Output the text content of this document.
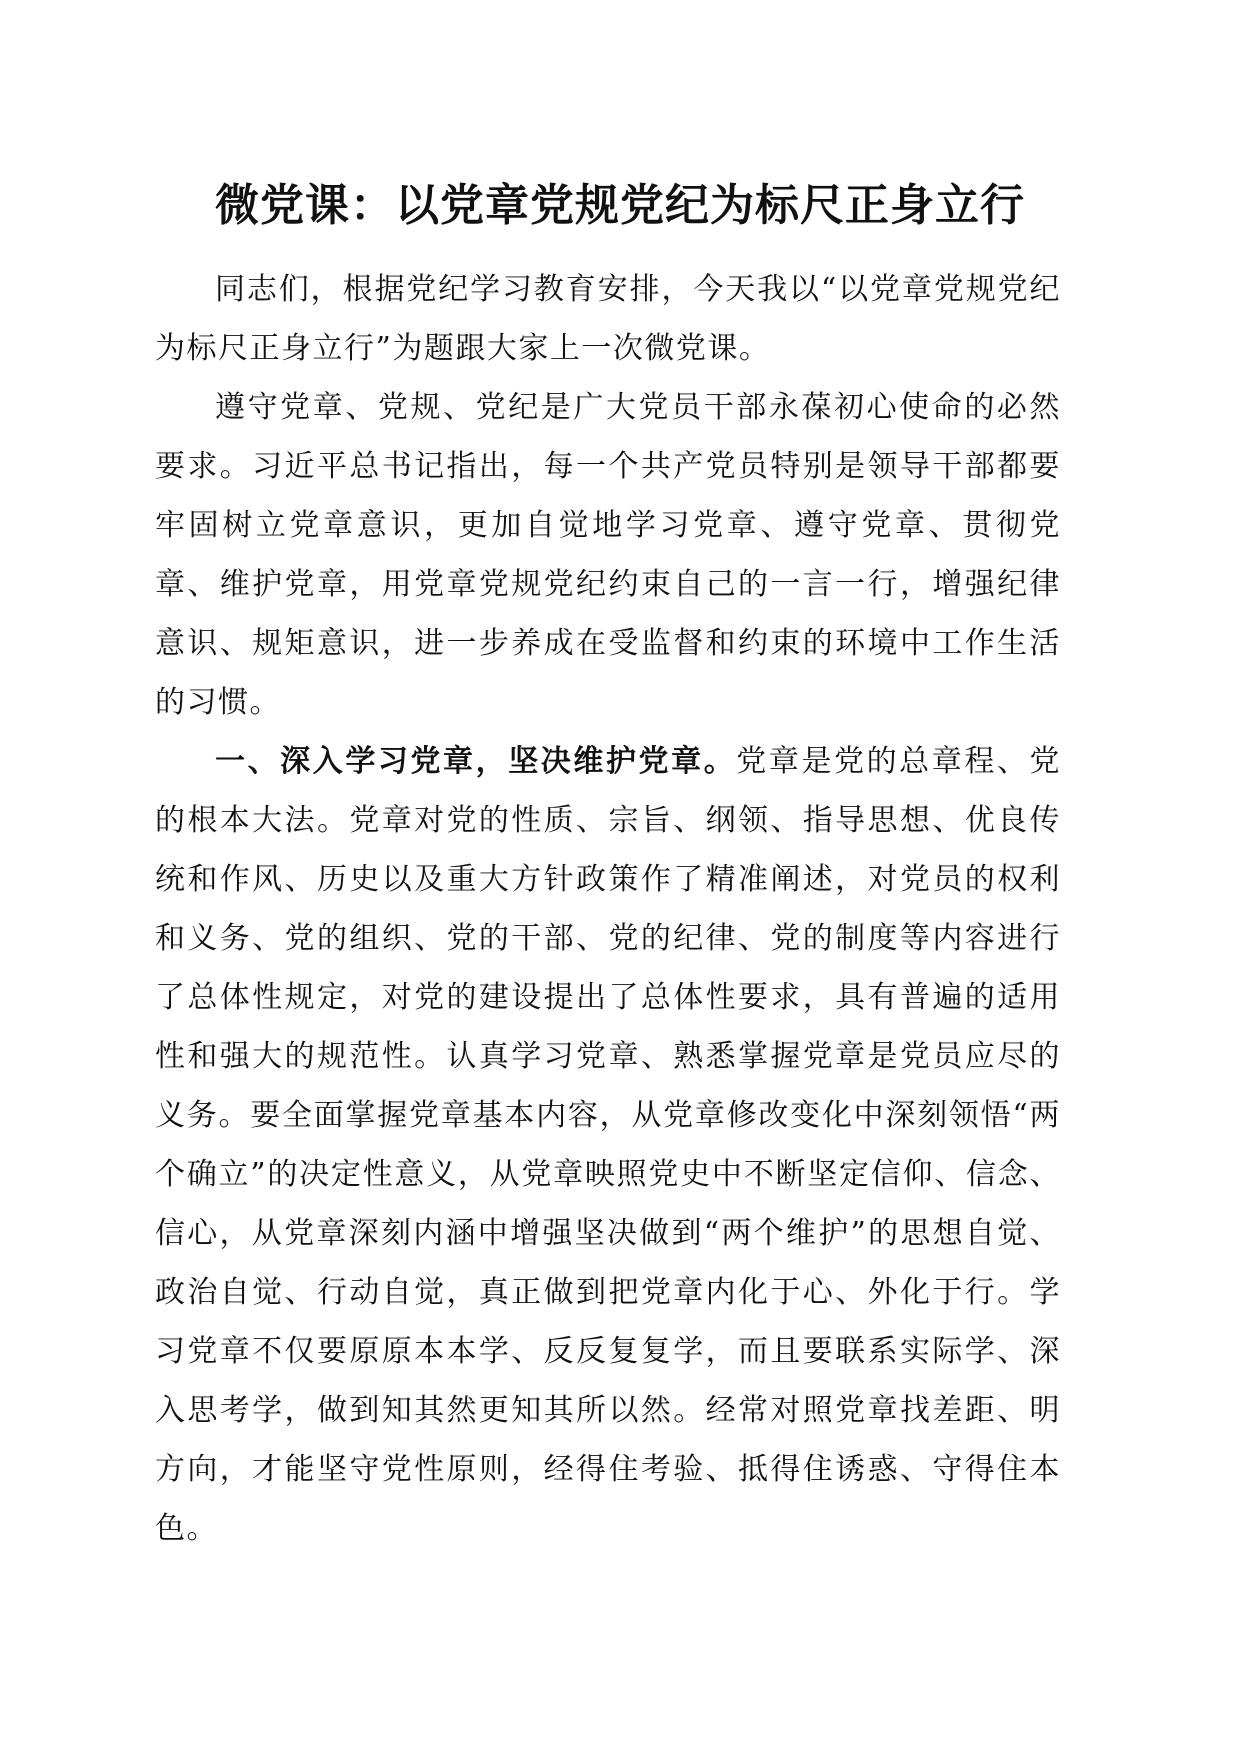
微党课：以党章党规党纪为标尺正身立行

同志们，根据党纪学习教育安排，今天我以“以党章党规党纪为标尺正身立行”为题跟大家上一次微党课。

遵守党章、党规、党纪是广大党员干部永葆初心使命的必然要求。习近平总书记指出，每一个共产党员特别是领导干部都要牢固树立党章意识，更加自觉地学习党章、遵守党章、贯彻党章、维护党章，用党章党规党纪约束自己的一言一行，增强纪律意识、规矩意识，进一步养成在受监督和约束的环境中工作生活的习惯。

一、深入学习党章，坚决维护党章。党章是党的总章程、党的根本大法。党章对党的性质、宗旨、纲领、指导思想、优良传统和作风、历史以及重大方针政策作了精准阐述，对党员的权利和义务、党的组织、党的干部、党的纪律、党的制度等内容进行了总体性规定，对党的建设提出了总体性要求，具有普遍的适用性和强大的规范性。认真学习党章、熟悉掌握党章是党员应尽的义务。要全面掌握党章基本内容，从党章修改变化中深刻领悟“两个确立”的决定性意义，从党章映照党史中不断坚定信仰、信念、信心，从党章深刻内涵中增强坚决做到“两个维护”的思想自觉、政治自觉、行动自觉，真正做到把党章内化于心、外化于行。学习党章不仅要原原本本学、反反复复学，而且要联系实际学、深入思考学，做到知其然更知其所以然。经常对照党章找差距、明方向，才能坚守党性原则，经得住考验、抵得住诱惑、守得住本色。
